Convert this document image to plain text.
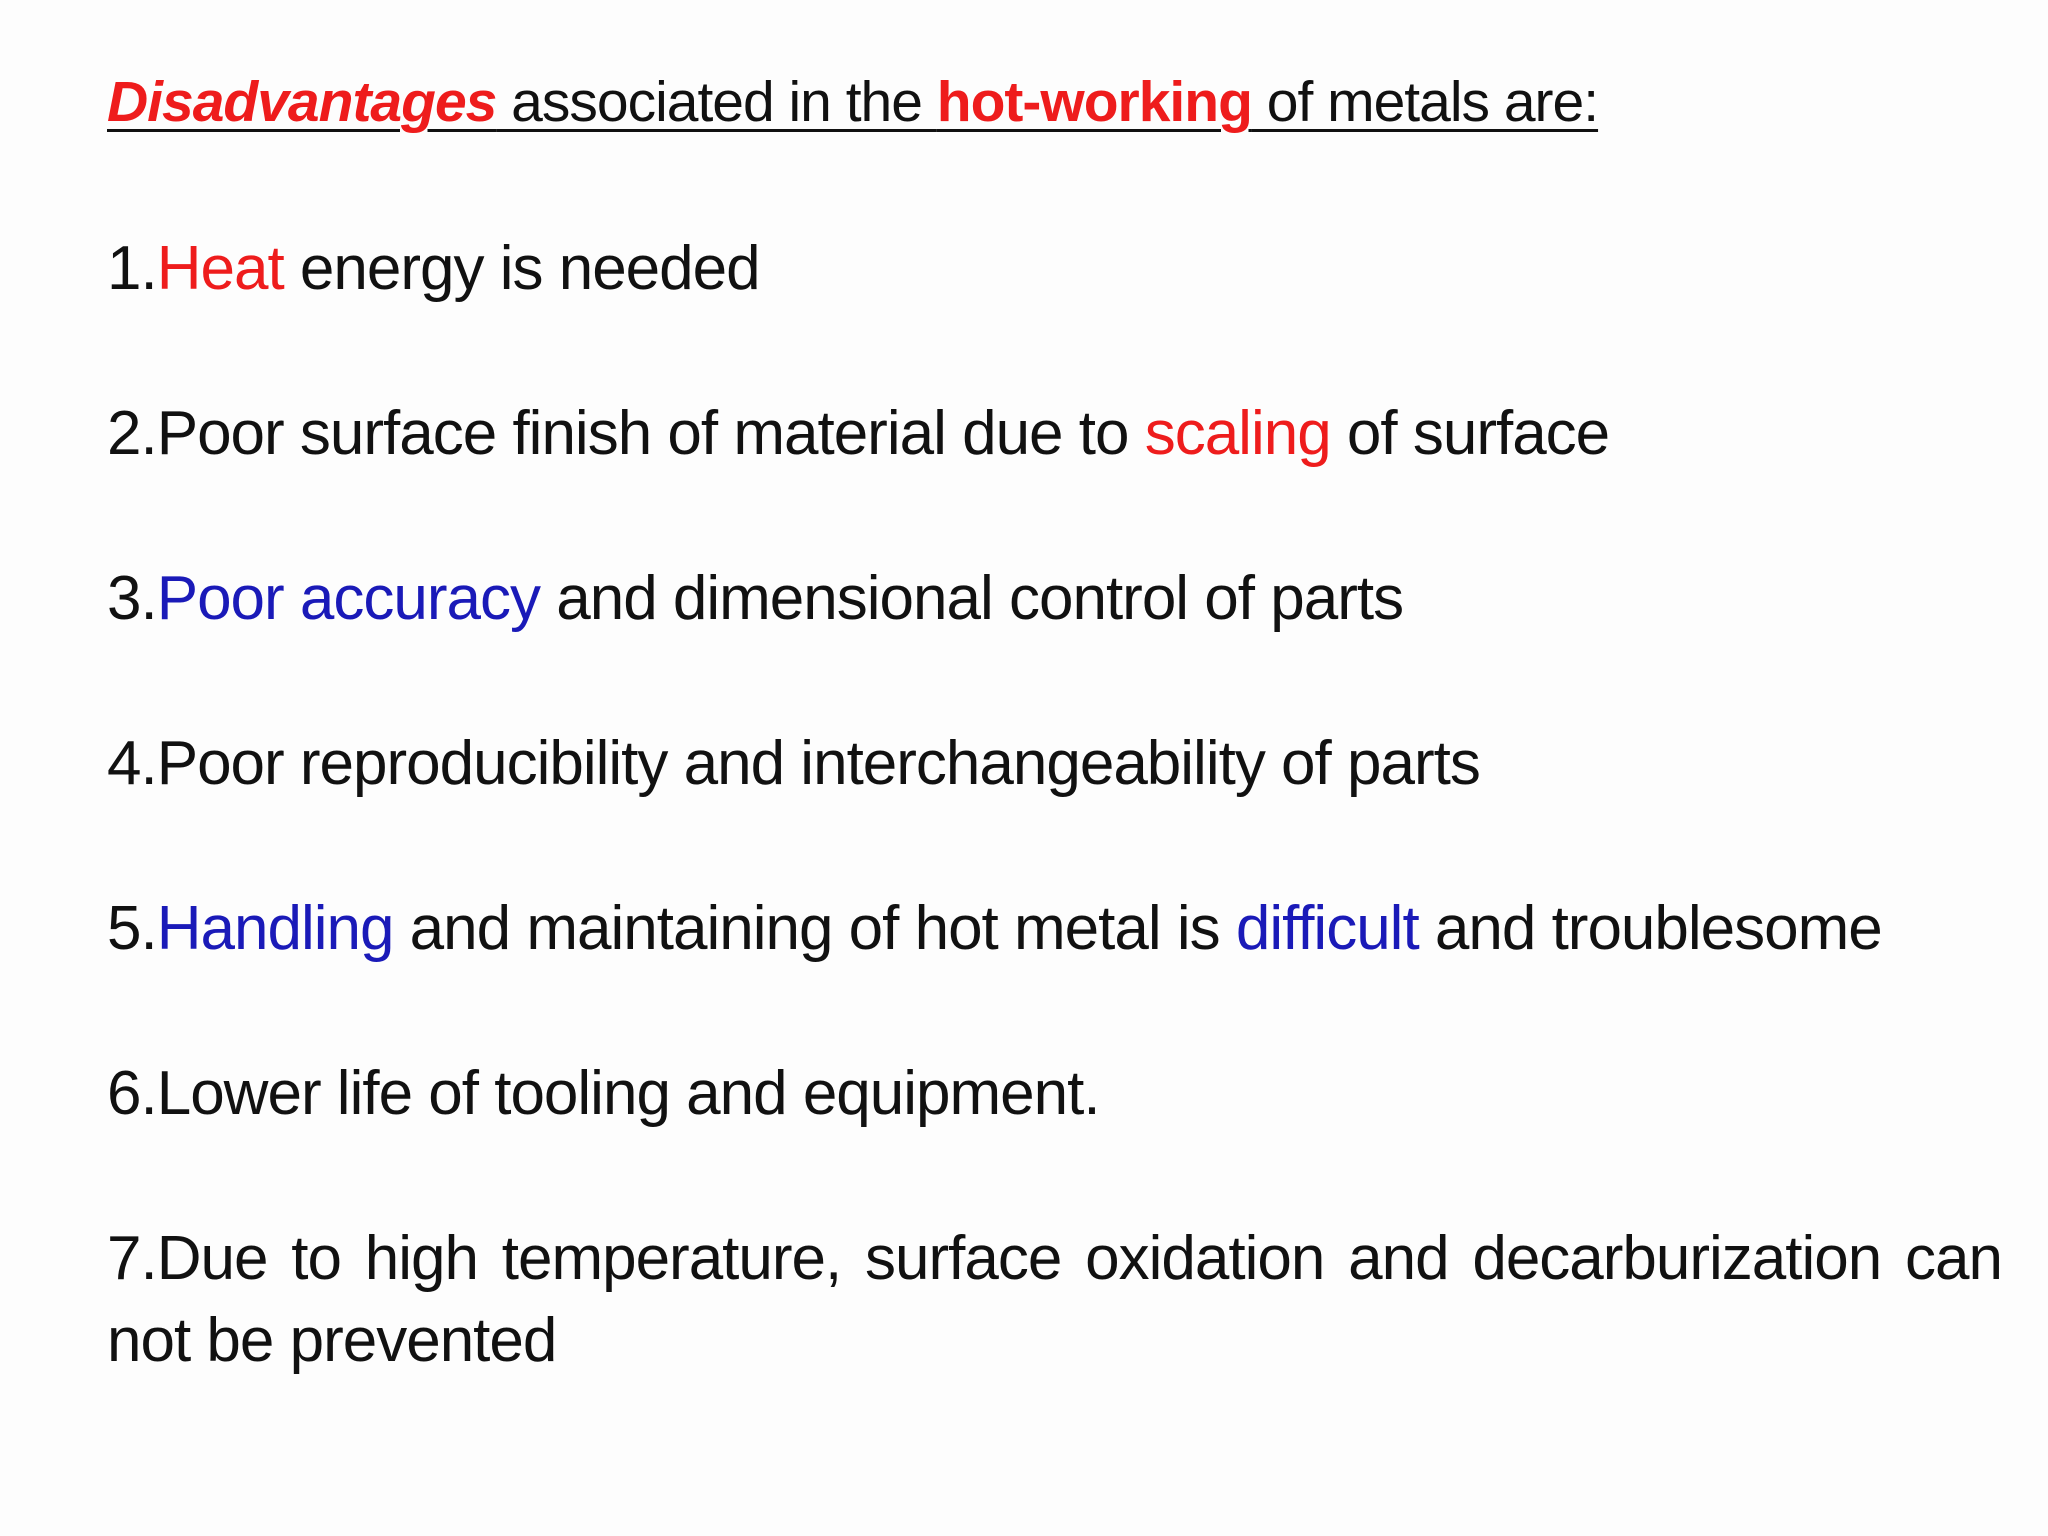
Disadvantages associated in the hot-working of metals are:
1.Heat energy is needed
2.Poor surface finish of material due to scaling of surface
3.Poor accuracy and dimensional control of parts
4.Poor reproducibility and interchangeability of parts
5.Handling and maintaining of hot metal is difficult and troublesome
6.Lower life of tooling and equipment.
7.Due to high temperature, surface oxidation and decarburization can not be prevented
